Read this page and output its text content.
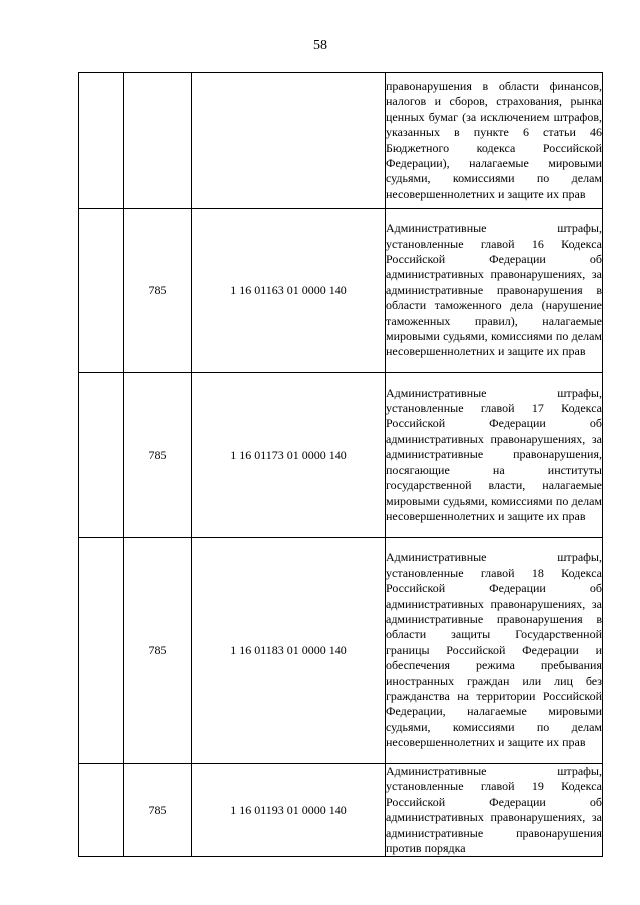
58

			правонарушения в области финансов, налогов и сборов, страхования, рынка ценных бумаг (за исключением штрафов, указанных в пункте 6 статьи 46 Бюджетного кодекса Российской Федерации), налагаемые мировыми судьями, комиссиями по делам несовершеннолетних и защите их прав

	785	1 16 01163 01 0000 140	Административные штрафы, установленные главой 16 Кодекса Российской Федерации об административных правонарушениях, за административные правонарушения в области таможенного дела (нарушение таможенных правил), налагаемые мировыми судьями, комиссиями по делам несовершеннолетних и защите их прав

	785	1 16 01173 01 0000 140	Административные штрафы, установленные главой 17 Кодекса Российской Федерации об административных правонарушениях, за административные правонарушения, посягающие на институты государственной власти, налагаемые мировыми судьями, комиссиями по делам несовершеннолетних и защите их прав

	785	1 16 01183 01 0000 140	Административные штрафы, установленные главой 18 Кодекса Российской Федерации об административных правонарушениях, за административные правонарушения в области защиты Государственной границы Российской Федерации и обеспечения режима пребывания иностранных граждан или лиц без гражданства на территории Российской Федерации, налагаемые мировыми судьями, комиссиями по делам несовершеннолетних и защите их прав

	785	1 16 01193 01 0000 140	Административные штрафы, установленные главой 19 Кодекса Российской Федерации об административных правонарушениях, за административные правонарушения против порядка
